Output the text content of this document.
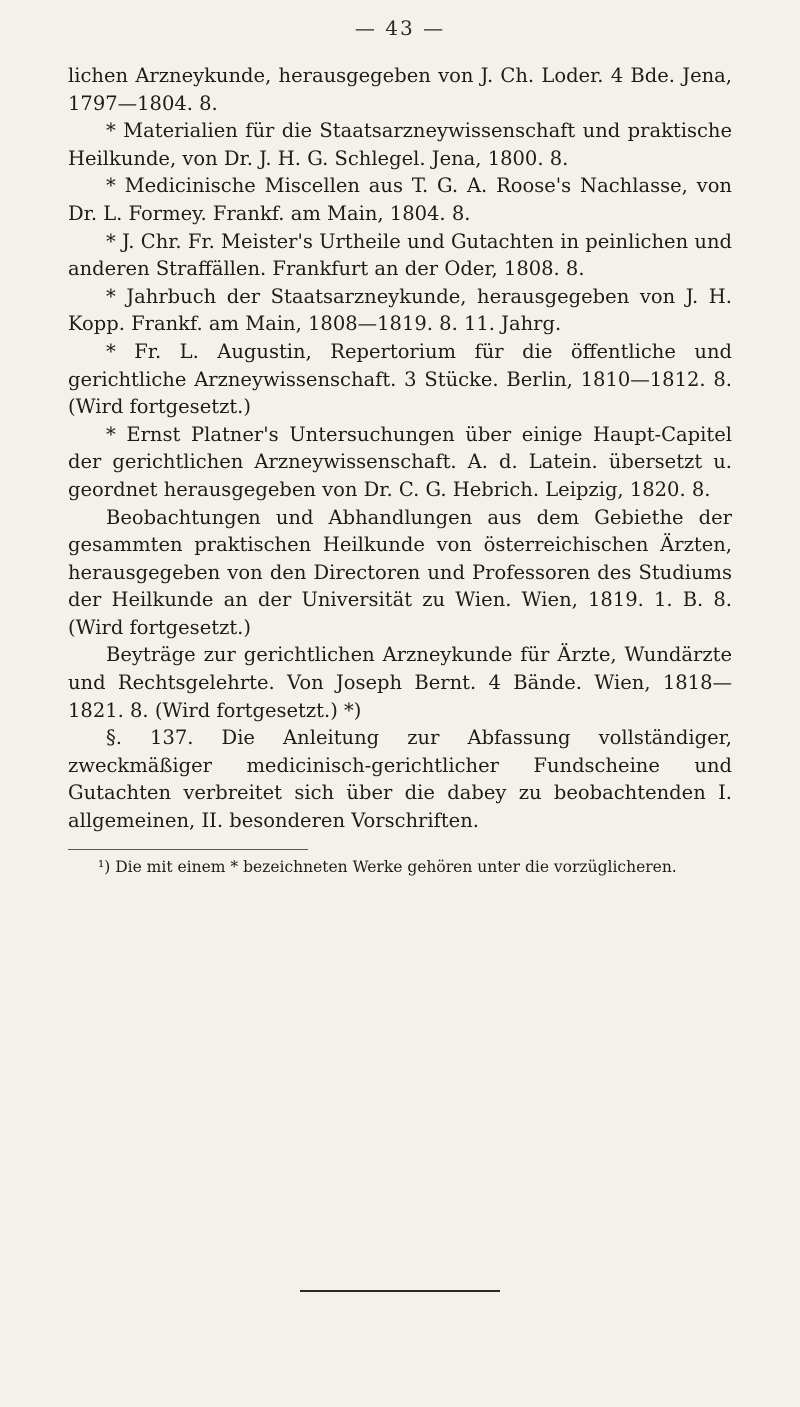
— 43 —

lichen Arzneykunde, herausgegeben von J. Ch. Loder. 4 Bde. Jena, 1797—1804. 8.

* Materialien für die Staatsarzneywissenschaft und praktische Heilkunde, von Dr. J. H. G. Schlegel. Jena, 1800. 8.

* Medicinische Miscellen aus T. G. A. Roose's Nachlasse, von Dr. L. Formey. Frankf. am Main, 1804. 8.

* J. Chr. Fr. Meister's Urtheile und Gutachten in peinlichen und anderen Straffällen. Frankfurt an der Oder, 1808. 8.

* Jahrbuch der Staatsarzneykunde, herausgegeben von J. H. Kopp. Frankf. am Main, 1808—1819. 8. 11. Jahrg.

* Fr. L. Augustin, Repertorium für die öffentliche und gerichtliche Arzneywissenschaft. 3 Stücke. Berlin, 1810—1812. 8. (Wird fortgesetzt.)

* Ernst Platner's Untersuchungen über einige Haupt-Capitel der gerichtlichen Arzneywissenschaft. A. d. Latein. übersetzt u. geordnet herausgegeben von Dr. C. G. Hebrich. Leipzig, 1820. 8.

Beobachtungen und Abhandlungen aus dem Gebiethe der gesammten praktischen Heilkunde von österreichischen Ärzten, herausgegeben von den Directoren und Professoren des Studiums der Heilkunde an der Universität zu Wien. Wien, 1819. 1. B. 8. (Wird fortgesetzt.)

Beyträge zur gerichtlichen Arzneykunde für Ärzte, Wundärzte und Rechtsgelehrte. Von Joseph Bernt. 4 Bände. Wien, 1818—1821. 8. (Wird fortgesetzt.) *)

§. 137. Die Anleitung zur Abfassung vollständiger, zweckmäßiger medicinisch-gerichtlicher Fundscheine und Gutachten verbreitet sich über die dabey zu beobachtenden I. allgemeinen, II. besonderen Vorschriften.

¹) Die mit einem * bezeichneten Werke gehören unter die vorzüglicheren.
